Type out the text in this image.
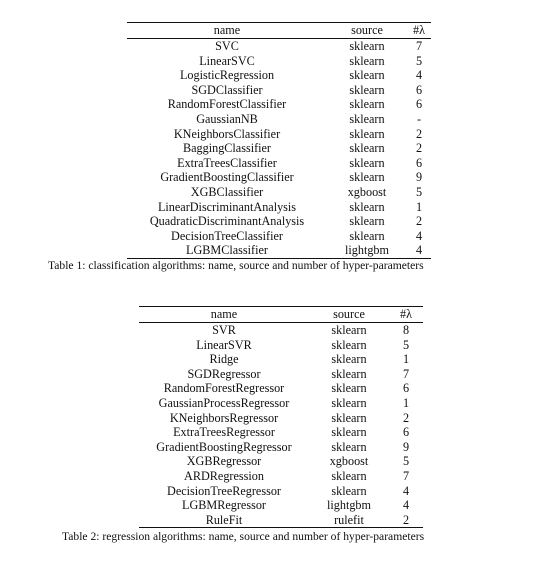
name	source	#λ
SVC	sklearn	7
LinearSVC	sklearn	5
LogisticRegression	sklearn	4
SGDClassifier	sklearn	6
RandomForestClassifier	sklearn	6
GaussianNB	sklearn	-
KNeighborsClassifier	sklearn	2
BaggingClassifier	sklearn	2
ExtraTreesClassifier	sklearn	6
GradientBoostingClassifier	sklearn	9
XGBClassifier	xgboost	5
LinearDiscriminantAnalysis	sklearn	1
QuadraticDiscriminantAnalysis	sklearn	2
DecisionTreeClassifier	sklearn	4
LGBMClassifier	lightgbm	4
Table 1: classification algorithms: name, source and number of hyper-parameters
name	source	#λ
SVR	sklearn	8
LinearSVR	sklearn	5
Ridge	sklearn	1
SGDRegressor	sklearn	7
RandomForestRegressor	sklearn	6
GaussianProcessRegressor	sklearn	1
KNeighborsRegressor	sklearn	2
ExtraTreesRegressor	sklearn	6
GradientBoostingRegressor	sklearn	9
XGBRegressor	xgboost	5
ARDRegression	sklearn	7
DecisionTreeRegressor	sklearn	4
LGBMRegressor	lightgbm	4
RuleFit	rulefit	2
Table 2: regression algorithms: name, source and number of hyper-parameters
